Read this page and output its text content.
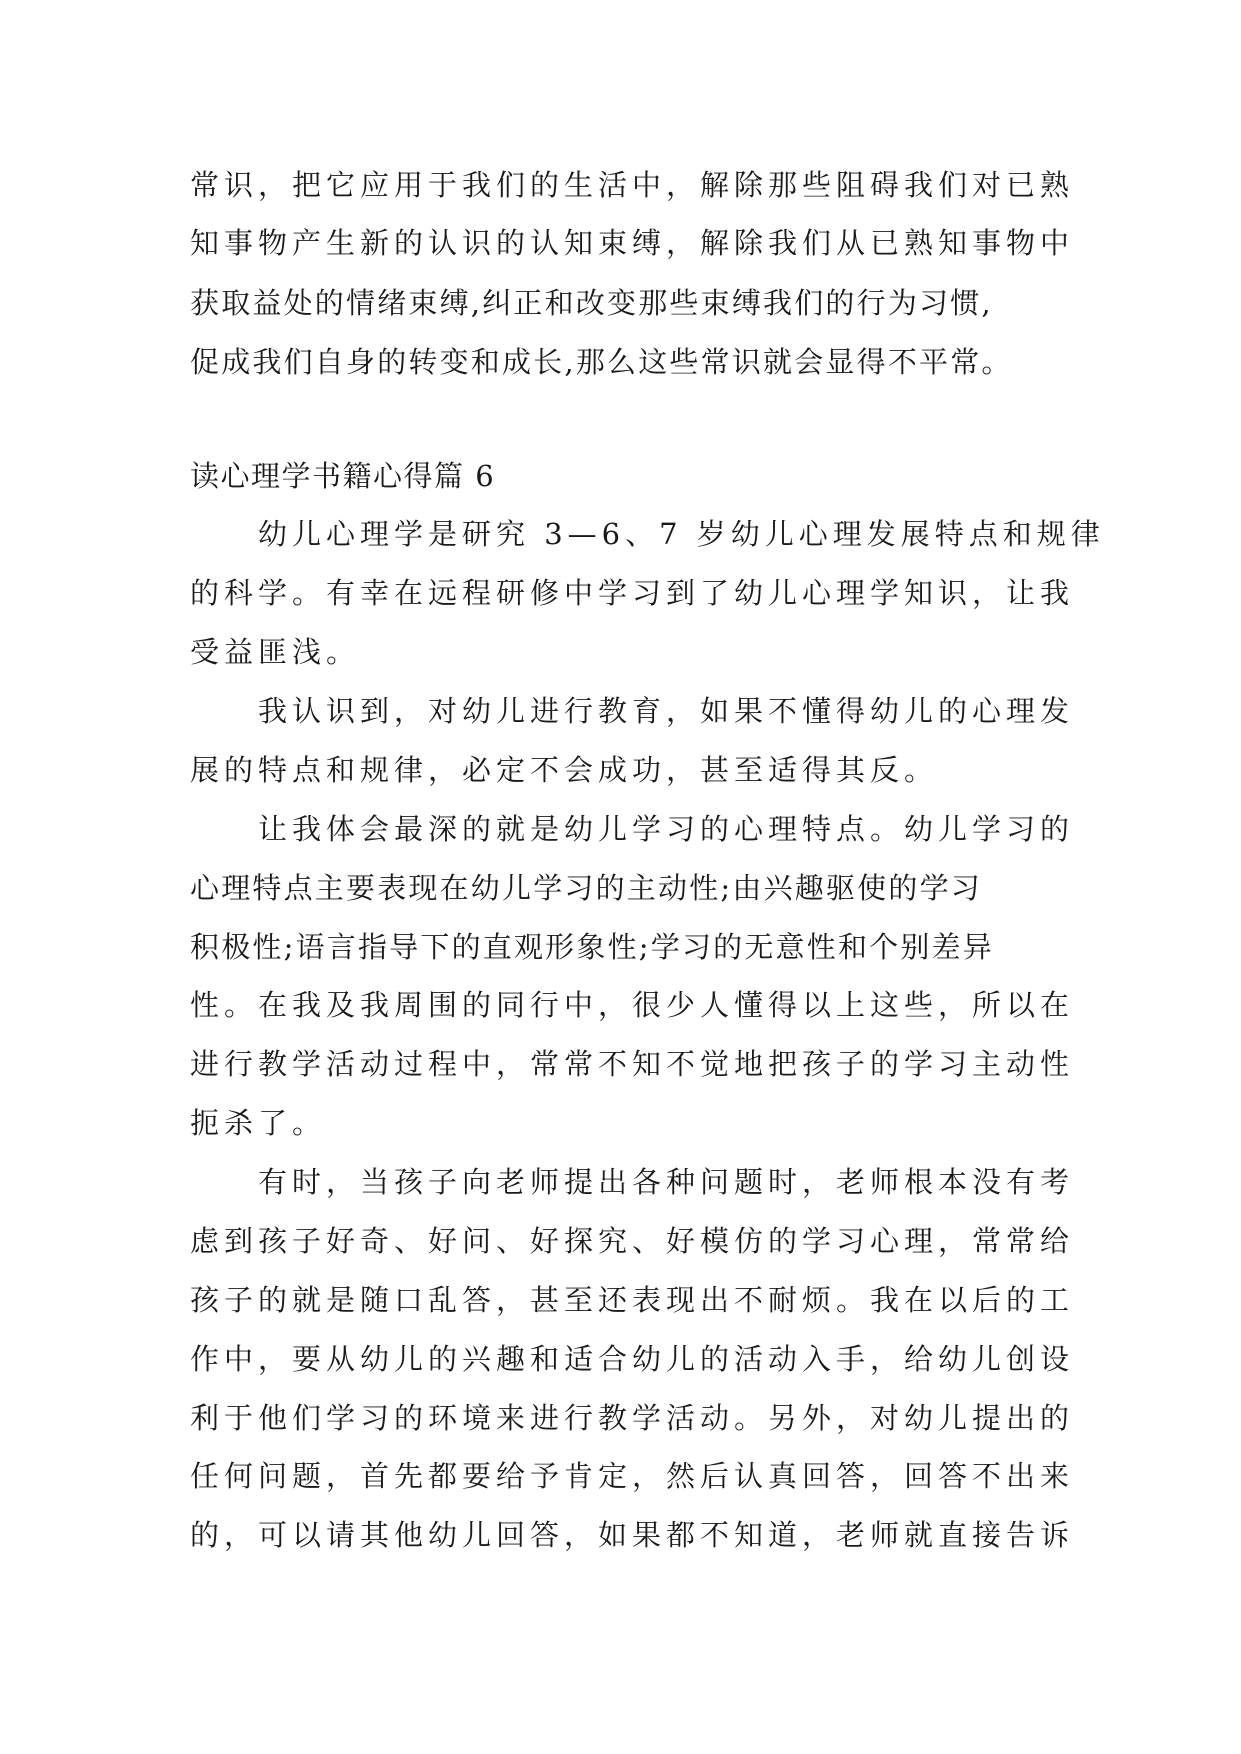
常识，把它应用于我们的生活中，解除那些阻碍我们对已熟
知事物产生新的认识的认知束缚，解除我们从已熟知事物中
获取益处的情绪束缚,纠正和改变那些束缚我们的行为习惯,
促成我们自身的转变和成长,那么这些常识就会显得不平常。
读心理学书籍心得篇 6
幼儿心理学是研究 3—6、7 岁幼儿心理发展特点和规律
的科学。有幸在远程研修中学习到了幼儿心理学知识，让我
受益匪浅。
我认识到，对幼儿进行教育，如果不懂得幼儿的心理发
展的特点和规律，必定不会成功，甚至适得其反。
让我体会最深的就是幼儿学习的心理特点。幼儿学习的
心理特点主要表现在幼儿学习的主动性;由兴趣驱使的学习
积极性;语言指导下的直观形象性;学习的无意性和个别差异
性。在我及我周围的同行中，很少人懂得以上这些，所以在
进行教学活动过程中，常常不知不觉地把孩子的学习主动性
扼杀了。
有时，当孩子向老师提出各种问题时，老师根本没有考
虑到孩子好奇、好问、好探究、好模仿的学习心理，常常给
孩子的就是随口乱答，甚至还表现出不耐烦。我在以后的工
作中，要从幼儿的兴趣和适合幼儿的活动入手，给幼儿创设
利于他们学习的环境来进行教学活动。另外，对幼儿提出的
任何问题，首先都要给予肯定，然后认真回答，回答不出来
的，可以请其他幼儿回答，如果都不知道，老师就直接告诉
